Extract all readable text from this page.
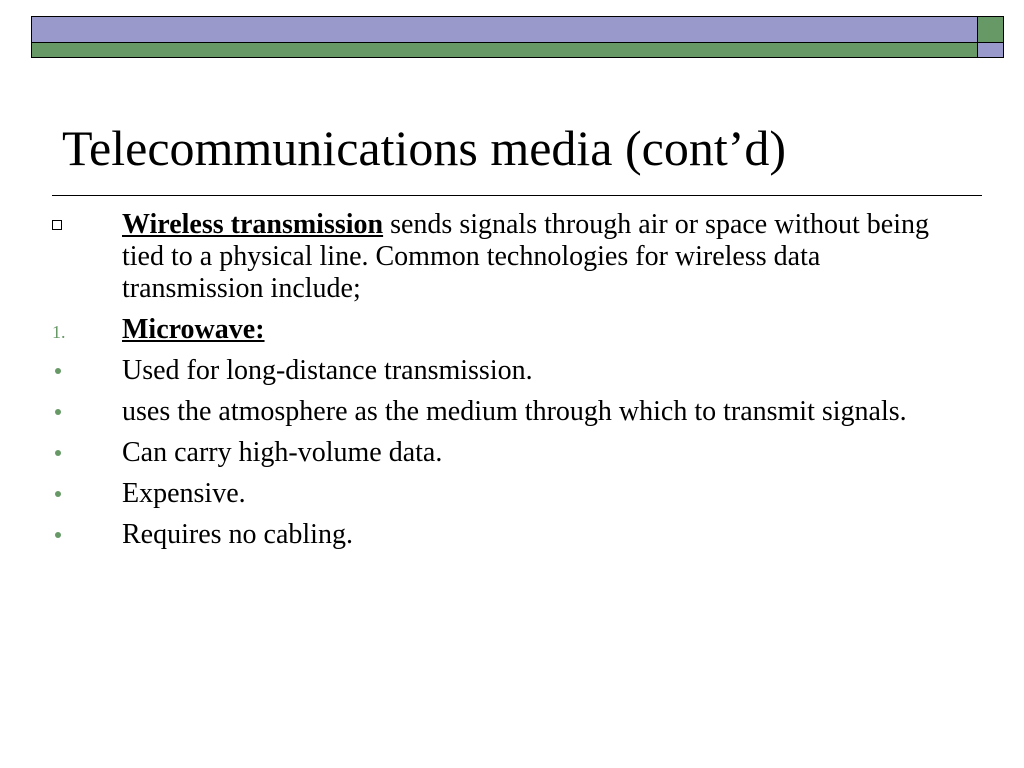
Telecommunications media (cont’d)
Wireless transmission sends signals through air or space without being tied to a physical line. Common technologies for wireless data transmission include;
1. Microwave:
Used for long-distance transmission.
uses the atmosphere as the medium through which to transmit signals.
Can carry high-volume data.
Expensive.
Requires no cabling.
